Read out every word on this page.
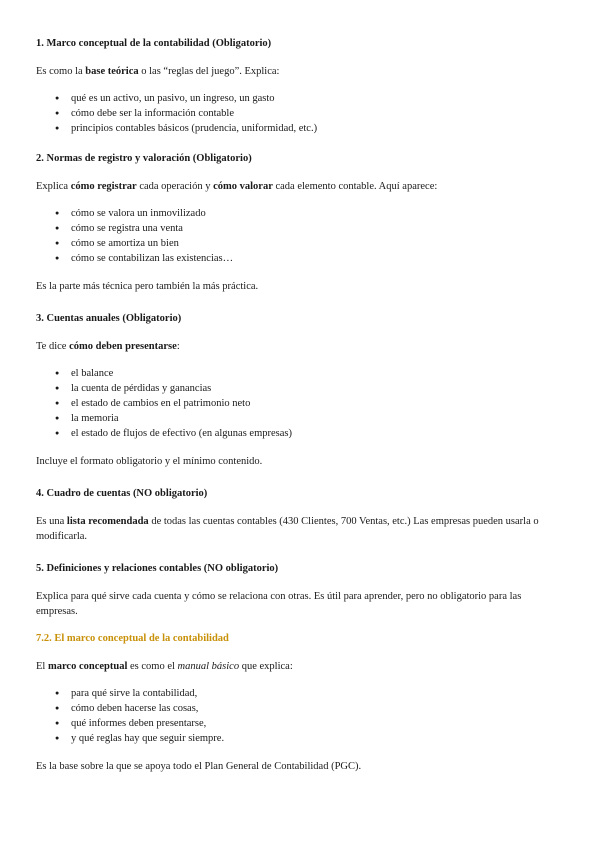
1. Marco conceptual de la contabilidad (Obligatorio)

Es como la base teórica o las “reglas del juego”. Explica:

● qué es un activo, un pasivo, un ingreso, un gasto
● cómo debe ser la información contable
● principios contables básicos (prudencia, uniformidad, etc.)
2. Normas de registro y valoración (Obligatorio)

Explica cómo registrar cada operación y cómo valorar cada elemento contable. Aquí aparece:

● cómo se valora un inmovilizado
● cómo se registra una venta
● cómo se amortiza un bien
● cómo se contabilizan las existencias…

Es la parte más técnica pero también la más práctica.

3. Cuentas anuales (Obligatorio)

Te dice cómo deben presentarse:

● el balance
● la cuenta de pérdidas y ganancias
● el estado de cambios en el patrimonio neto
● la memoria
● el estado de flujos de efectivo (en algunas empresas)

Incluye el formato obligatorio y el mínimo contenido.

4. Cuadro de cuentas (NO obligatorio)

Es una lista recomendada de todas las cuentas contables (430 Clientes, 700 Ventas, etc.) Las empresas pueden usarla o modificarla.

5. Definiciones y relaciones contables (NO obligatorio)

Explica para qué sirve cada cuenta y cómo se relaciona con otras. Es útil para aprender, pero no obligatorio para las empresas.

7.2. El marco conceptual de la contabilidad

El marco conceptual es como el manual básico que explica:

● para qué sirve la contabilidad,
● cómo deben hacerse las cosas,
● qué informes deben presentarse,
● y qué reglas hay que seguir siempre.

Es la base sobre la que se apoya todo el Plan General de Contabilidad (PGC).
